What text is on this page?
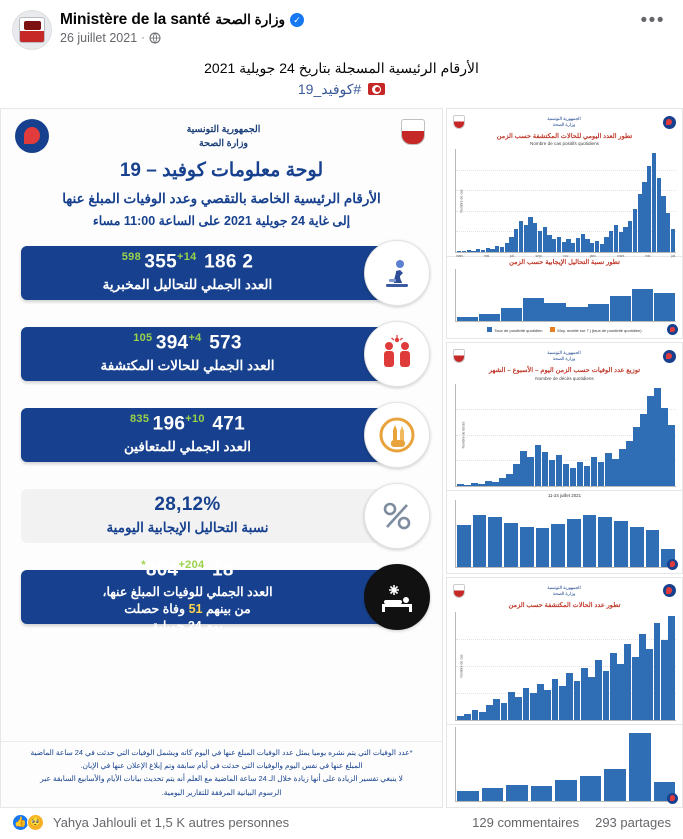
Ministère de la santé وزارة الصحة ✓
26 juillet 2021 ·
•••
الأرقام الرئيسية المسجلة بتاريخ 24 جويلية 2021
#كوفيد_19
الجمهورية التونسية
وزارة الصحة
لوحة معلومات كوفيد – 19
الأرقام الرئيسية الخاصة بالتقصي وعدد الوفيات المبلغ عنها
إلى غاية 24 جويلية 2021 على الساعة 11:00 مساء
2 186 $355^{+14 598}$
العدد الجملي للتحاليل المخبرية
573 $394^{+4 105}$
العدد الجملي للحالات المكتشفة
471 $196^{+10 835}$
العدد الجملي للمتعافين
28,12%
نسبة التحاليل الإيجابية اليومية
18 $804^{+204*}$
العدد الجملي للوفيات المبلغ عنها،
من بينهم 51 وفاة حصلت
يوم 24 جويلية
*عدد الوفيات التي يتم نشره يوميا يمثل عدد الوفيات المبلغ عنها في اليوم كاته ويشمل الوفيات التي حدثت في 24 ساعة الماضية
المبلغ عنها في نفس اليوم والوفيات التي حدثت في أيام سابقة وتم إبلاغ الإعلان عنها في الإبان.
لا ينبغي تفسير الزيادة على أنها زيادة خلال الـ 24 ساعة الماضية مع العلم أنه يتم تحديث بيانات الأيام والأسابيع السابقة عبر
الرسوم البيانية المرفقة للتقارير اليومية.
الجمهورية التونسية
وزارة الصحة
تطور العدد اليومي للحالات المكتشفة حسب الزمن
Nombre de cas positifs quotidiens
Nombre de cas
mars	mai	juil.	sept.	nov.	janv.	mars	mai	juil.
تطور نسبة التحاليل الإيجابية حسب الزمن
Taux de positivité quotidien	Moy. mobile sur 7 j (taux de positivité quotidien)
الجمهورية التونسية
وزارة الصحة
توزيع عدد الوفيات حسب الزمن اليوم – الأسبوع – الشهر
Nombre de décès quotidiens
Nombre de décès
11-24 juillet 2021
الجمهورية التونسية
وزارة الصحة
تطور عدد الحالات المكتشفة حسب الزمن
Nombre de cas
👍 🥺 Yahya Jahlouli et 1,5 K autres personnes	129 commentaires 293 partages
